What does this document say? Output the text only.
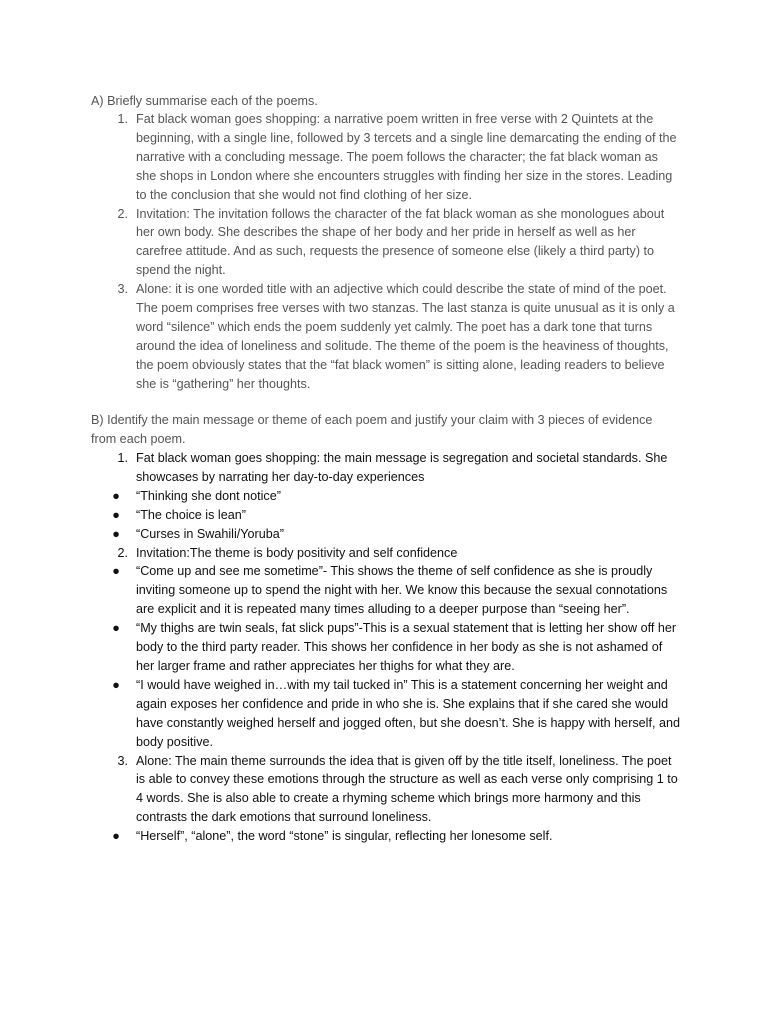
A) Briefly summarise each of the poems.

1. Fat black woman goes shopping: a narrative poem written in free verse with 2 Quintets at the beginning, with a single line, followed by 3 tercets and a single line demarcating the ending of the narrative with a concluding message. The poem follows the character; the fat black woman as she shops in London where she encounters struggles with finding her size in the stores. Leading to the conclusion that she would not find clothing of her size.
2. Invitation: The invitation follows the character of the fat black woman as she monologues about her own body. She describes the shape of her body and her pride in herself as well as her carefree attitude. And as such, requests the presence of someone else (likely a third party) to spend the night.
3. Alone: it is one worded title with an adjective which could describe the state of mind of the poet. The poem comprises free verses with two stanzas. The last stanza is quite unusual as it is only a word “silence” which ends the poem suddenly yet calmly. The poet has a dark tone that turns around the idea of loneliness and solitude. The theme of the poem is the heaviness of thoughts, the poem obviously states that the “fat black women” is sitting alone, leading readers to believe she is “gathering” her thoughts.

B) Identify the main message or theme of each poem and justify your claim with 3 pieces of evidence from each poem.

1. Fat black woman goes shopping: the main message is segregation and societal standards. She showcases by narrating her day-to-day experiences
● “Thinking she dont notice”
● “The choice is lean”
● “Curses in Swahili/Yoruba”
2. Invitation:The theme is body positivity and self confidence
● “Come up and see me sometime”- This shows the theme of self confidence as she is proudly inviting someone up to spend the night with her. We know this because the sexual connotations are explicit and it is repeated many times alluding to a deeper purpose than “seeing her”.
● “My thighs are twin seals, fat slick pups”-This is a sexual statement that is letting her show off her body to the third party reader. This shows her confidence in her body as she is not ashamed of her larger frame and rather appreciates her thighs for what they are.
● “I would have weighed in…with my tail tucked in” This is a statement concerning her weight and again exposes her confidence and pride in who she is. She explains that if she cared she would have constantly weighed herself and jogged often, but she doesn’t. She is happy with herself, and body positive.
3. Alone: The main theme surrounds the idea that is given off by the title itself, loneliness. The poet is able to convey these emotions through the structure as well as each verse only comprising 1 to 4 words. She is also able to create a rhyming scheme which brings more harmony and this contrasts the dark emotions that surround loneliness.
● “Herself”, “alone”, the word “stone” is singular, reflecting her lonesome self.
